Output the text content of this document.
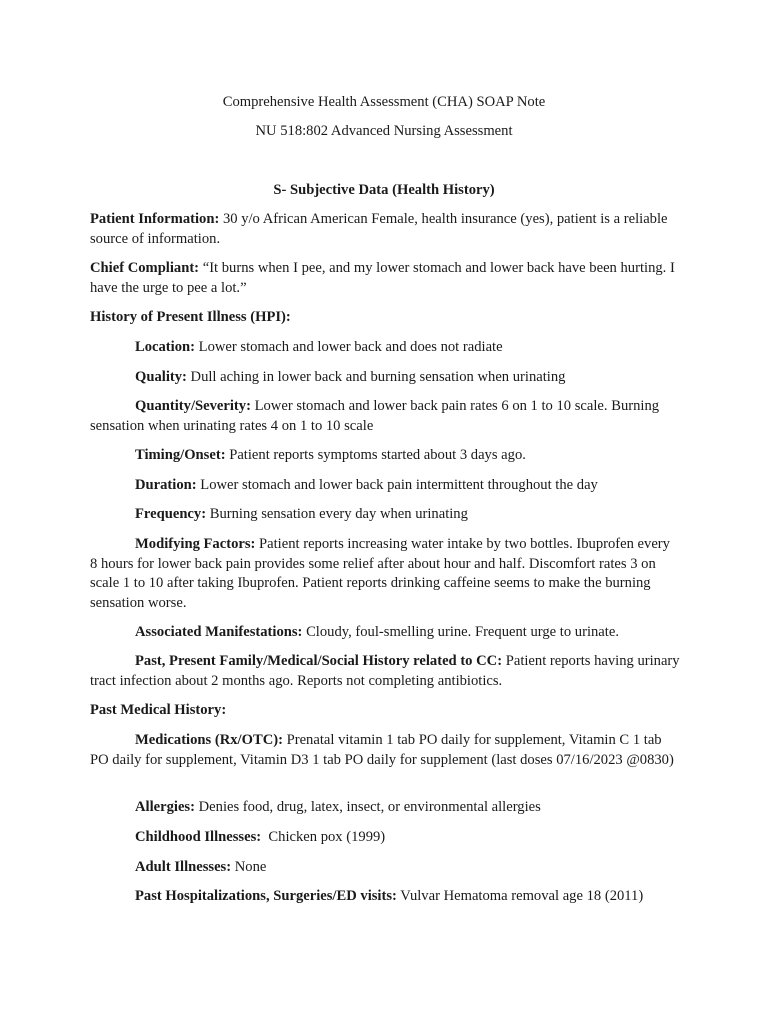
Comprehensive Health Assessment (CHA) SOAP Note
NU 518:802 Advanced Nursing Assessment
S- Subjective Data (Health History)
Patient Information: 30 y/o African American Female, health insurance (yes), patient is a reliable source of information.
Chief Compliant: “It burns when I pee, and my lower stomach and lower back have been hurting. I have the urge to pee a lot.”
History of Present Illness (HPI):
Location: Lower stomach and lower back and does not radiate
Quality: Dull aching in lower back and burning sensation when urinating
Quantity/Severity: Lower stomach and lower back pain rates 6 on 1 to 10 scale. Burning sensation when urinating rates 4 on 1 to 10 scale
Timing/Onset: Patient reports symptoms started about 3 days ago.
Duration: Lower stomach and lower back pain intermittent throughout the day
Frequency: Burning sensation every day when urinating
Modifying Factors: Patient reports increasing water intake by two bottles. Ibuprofen every 8 hours for lower back pain provides some relief after about hour and half. Discomfort rates 3 on scale 1 to 10 after taking Ibuprofen. Patient reports drinking caffeine seems to make the burning sensation worse.
Associated Manifestations: Cloudy, foul-smelling urine. Frequent urge to urinate.
Past, Present Family/Medical/Social History related to CC: Patient reports having urinary tract infection about 2 months ago. Reports not completing antibiotics.
Past Medical History:
Medications (Rx/OTC): Prenatal vitamin 1 tab PO daily for supplement, Vitamin C 1 tab PO daily for supplement, Vitamin D3 1 tab PO daily for supplement (last doses 07/16/2023 @0830)
Allergies: Denies food, drug, latex, insect, or environmental allergies
Childhood Illnesses:  Chicken pox (1999)
Adult Illnesses: None
Past Hospitalizations, Surgeries/ED visits: Vulvar Hematoma removal age 18 (2011)
